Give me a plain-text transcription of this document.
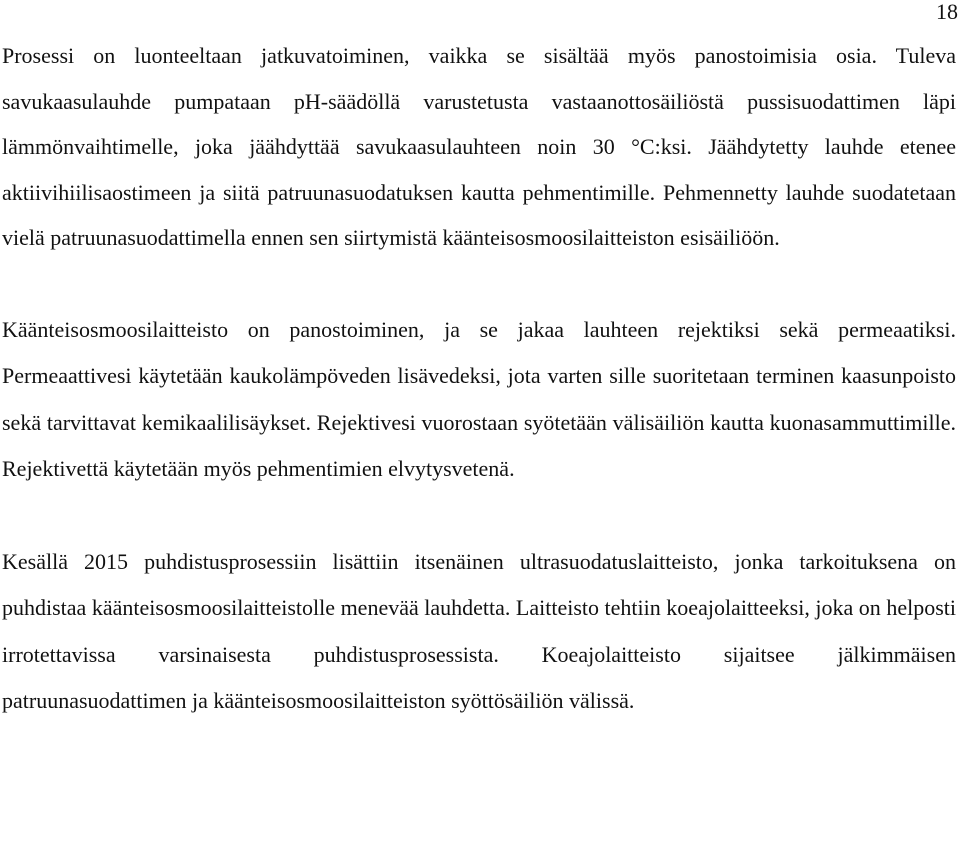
18

Prosessi on luonteeltaan jatkuvatoiminen, vaikka se sisältää myös panostoimisia osia. Tuleva savukaasulauhde pumpataan pH-säädöllä varustetusta vastaanottosäiliöstä pussisuodattimen läpi lämmönvaihtimelle, joka jäähdyttää savukaasulauhteen noin 30 °C:ksi. Jäähdytetty lauhde etenee aktiivihiilisaostimeen ja siitä patruunasuodatuksen kautta pehmentimille. Pehmennetty lauhde suodatetaan vielä patruunasuodattimella ennen sen siirtymistä käänteisosmoosilaitteiston esisäiliöön.

Käänteisosmoosilaitteisto on panostoiminen, ja se jakaa lauhteen rejektiksi sekä permeaatiksi. Permeaattivesi käytetään kaukolämpöveden lisävedeksi, jota varten sille suoritetaan terminen kaasunpoisto sekä tarvittavat kemikaalilisäykset. Rejektivesi vuorostaan syötetään välisäiliön kautta kuonasammuttimille. Rejektivettä käytetään myös pehmentimien elvytysvetenä.

Kesällä 2015 puhdistusprosessiin lisättiin itsenäinen ultrasuodatuslaitteisto, jonka tarkoituksena on puhdistaa käänteisosmoosilaitteistolle menevää lauhdetta. Laitteisto tehtiin koeajolaitteeksi, joka on helposti irrotettavissa varsinaisesta puhdistusprosessista. Koeajolaitteisto sijaitsee jälkimmäisen patruunasuodattimen ja käänteisosmoosilaitteiston syöttösäiliön välissä.
